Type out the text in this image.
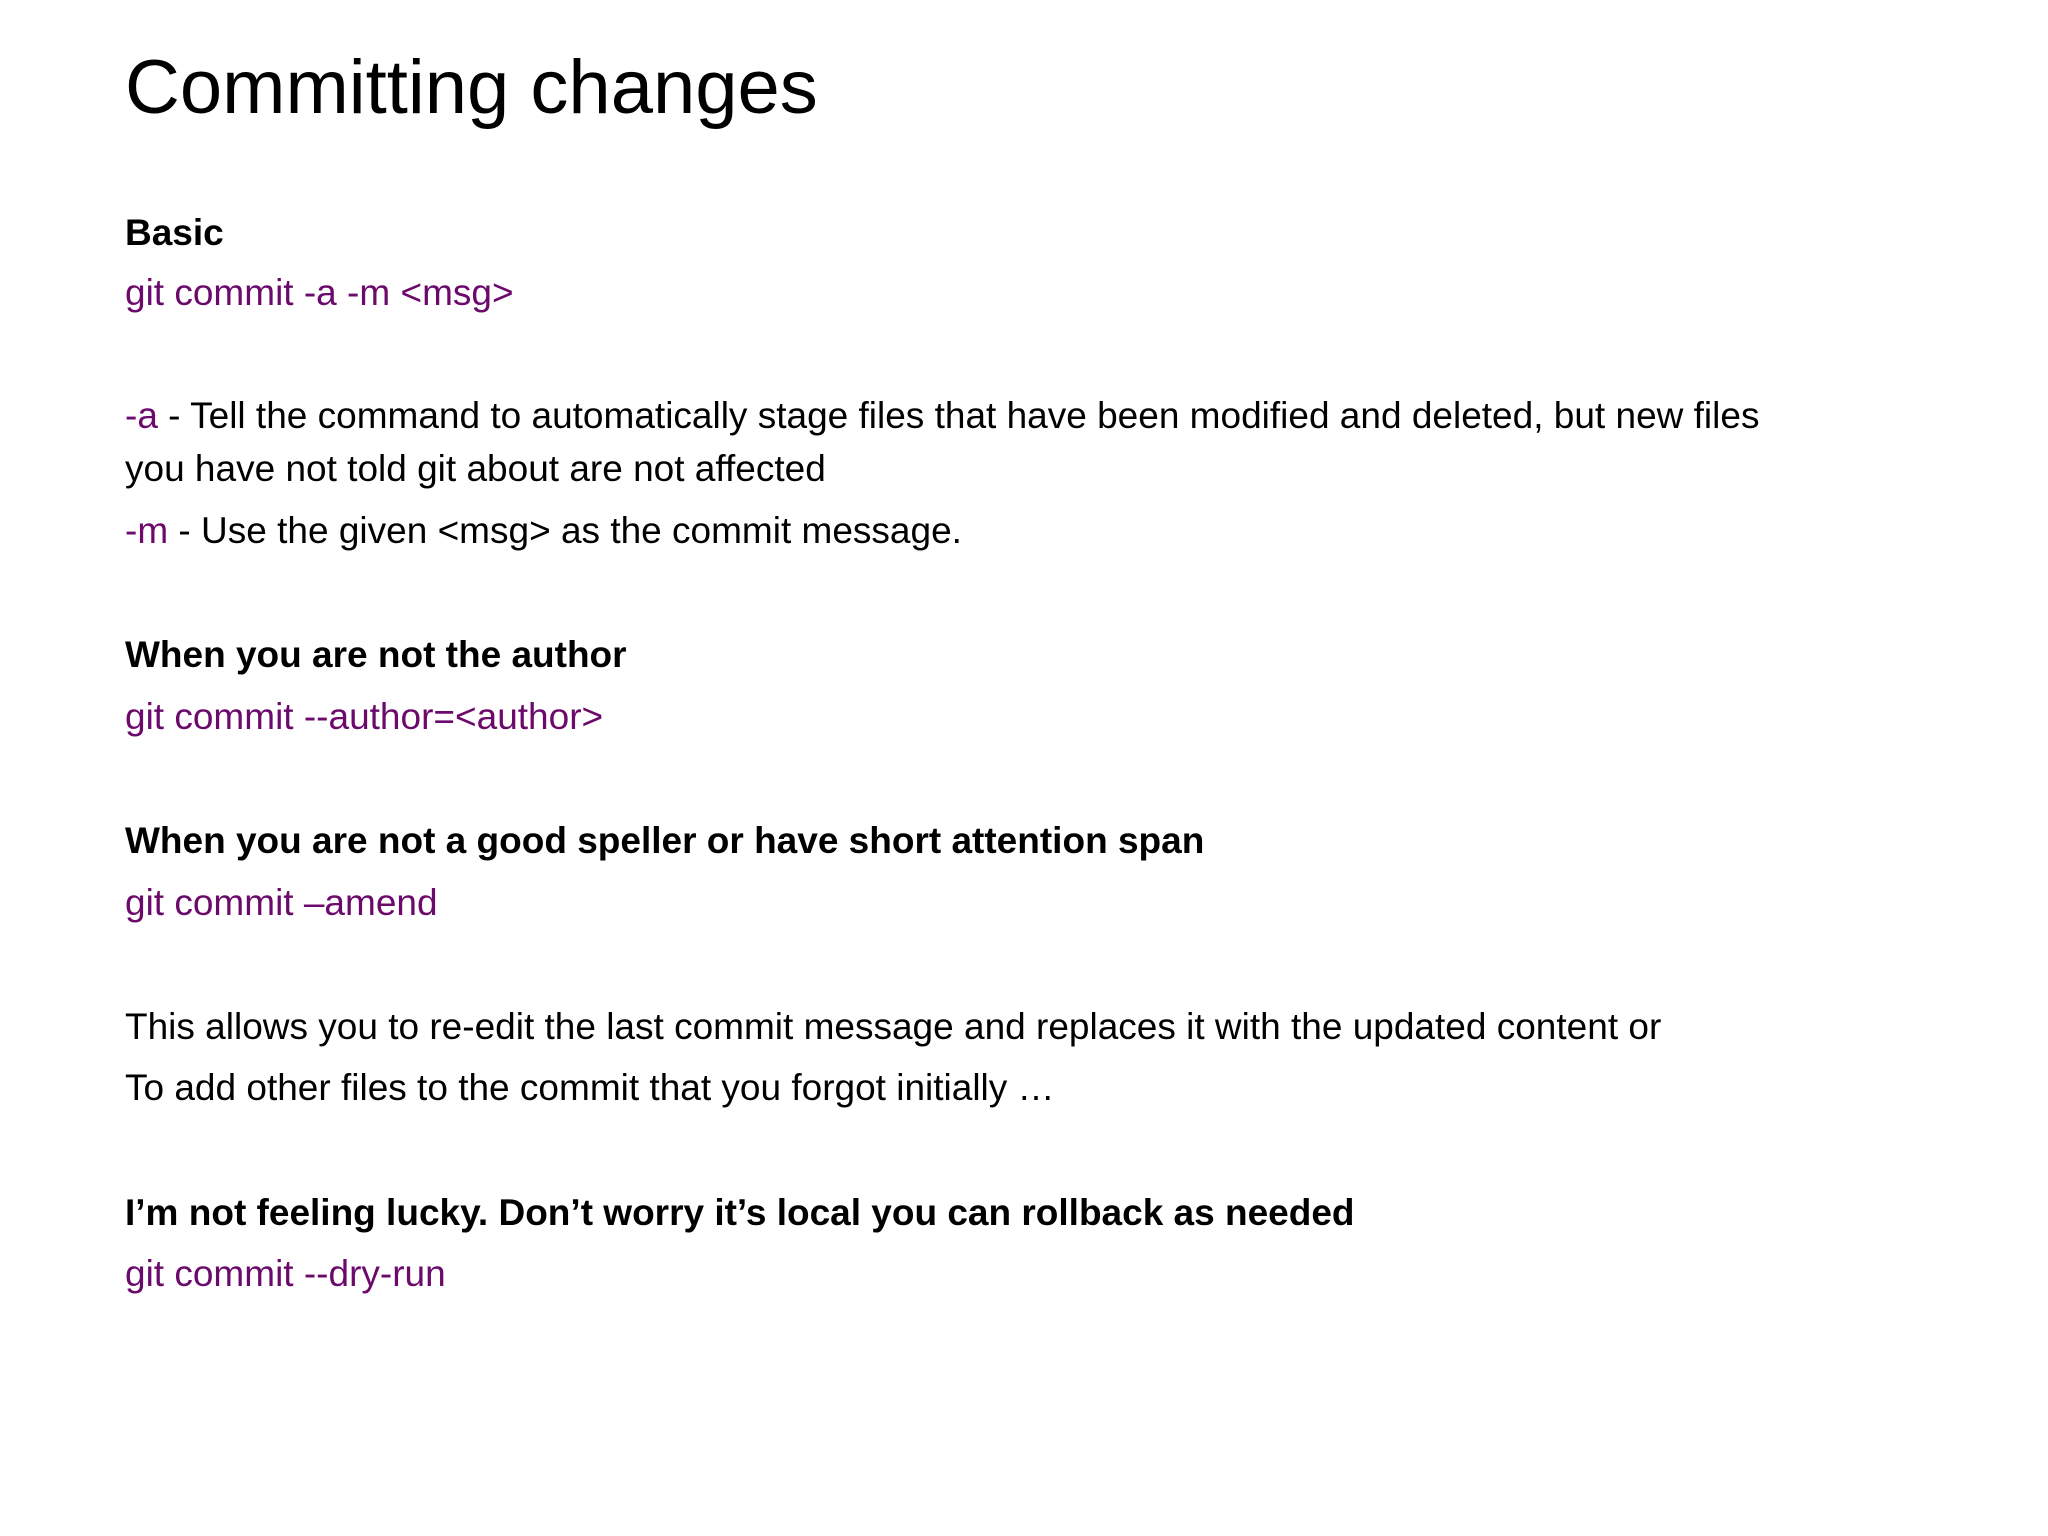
Committing changes

Basic

git commit -a -m <msg>

-a - Tell the command to automatically stage files that have been modified and deleted, but new files

you have not told git about are not affected

-m - Use the given <msg> as the commit message.

When you are not the author

git commit --author=<author>

When you are not a good speller or have short attention span

git commit –amend

This allows you to re-edit the last commit message and replaces it with the updated content or

To add other files to the commit that you forgot initially …

I’m not feeling lucky. Don’t worry it’s local you can rollback as needed

git commit --dry-run
